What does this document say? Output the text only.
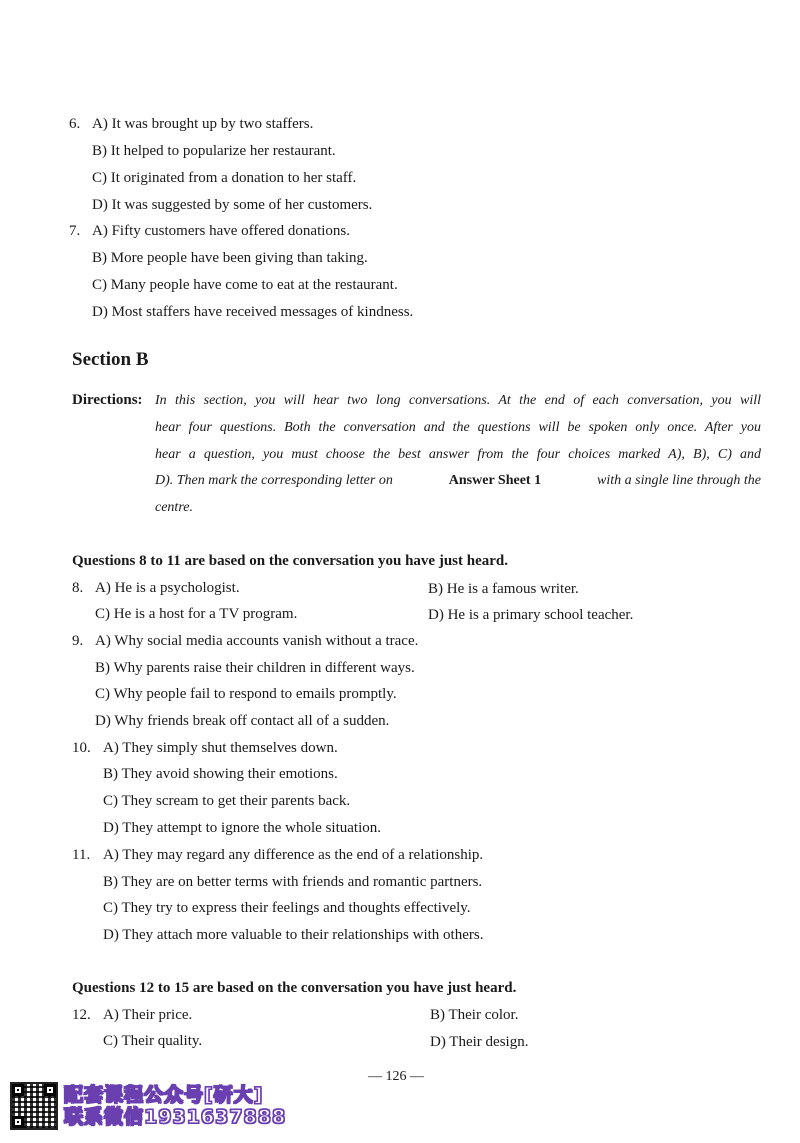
6. A) It was brought up by two staffers.
B) It helped to popularize her restaurant.
C) It originated from a donation to her staff.
D) It was suggested by some of her customers.
7. A) Fifty customers have offered donations.
B) More people have been giving than taking.
C) Many people have come to eat at the restaurant.
D) Most staffers have received messages of kindness.
Section B
Directions: In this section, you will hear two long conversations. At the end of each conversation, you will
hear four questions. Both the conversation and the questions will be spoken only once. After you
hear a question, you must choose the best answer from the four choices marked A), B), C) and
D). Then mark the corresponding letter on	Answer Sheet 1	with a single line through the
centre.
Questions 8 to 11 are based on the conversation you have just heard.
8. A) He is a psychologist.	B) He is a famous writer.
C) He is a host for a TV program.	D) He is a primary school teacher.
9. A) Why social media accounts vanish without a trace.
B) Why parents raise their children in different ways.
C) Why people fail to respond to emails promptly.
D) Why friends break off contact all of a sudden.
10. A) They simply shut themselves down.
B) They avoid showing their emotions.
C) They scream to get their parents back.
D) They attempt to ignore the whole situation.
11. A) They may regard any difference as the end of a relationship.
B) They are on better terms with friends and romantic partners.
C) They try to express their feelings and thoughts effectively.
D) They attach more valuable to their relationships with others.
Questions 12 to 15 are based on the conversation you have just heard.
12. A) Their price.	B) Their color.
C) Their quality.	D) Their design.
— 126 —
配套课程公众号[研大]
联系微信1931637888
